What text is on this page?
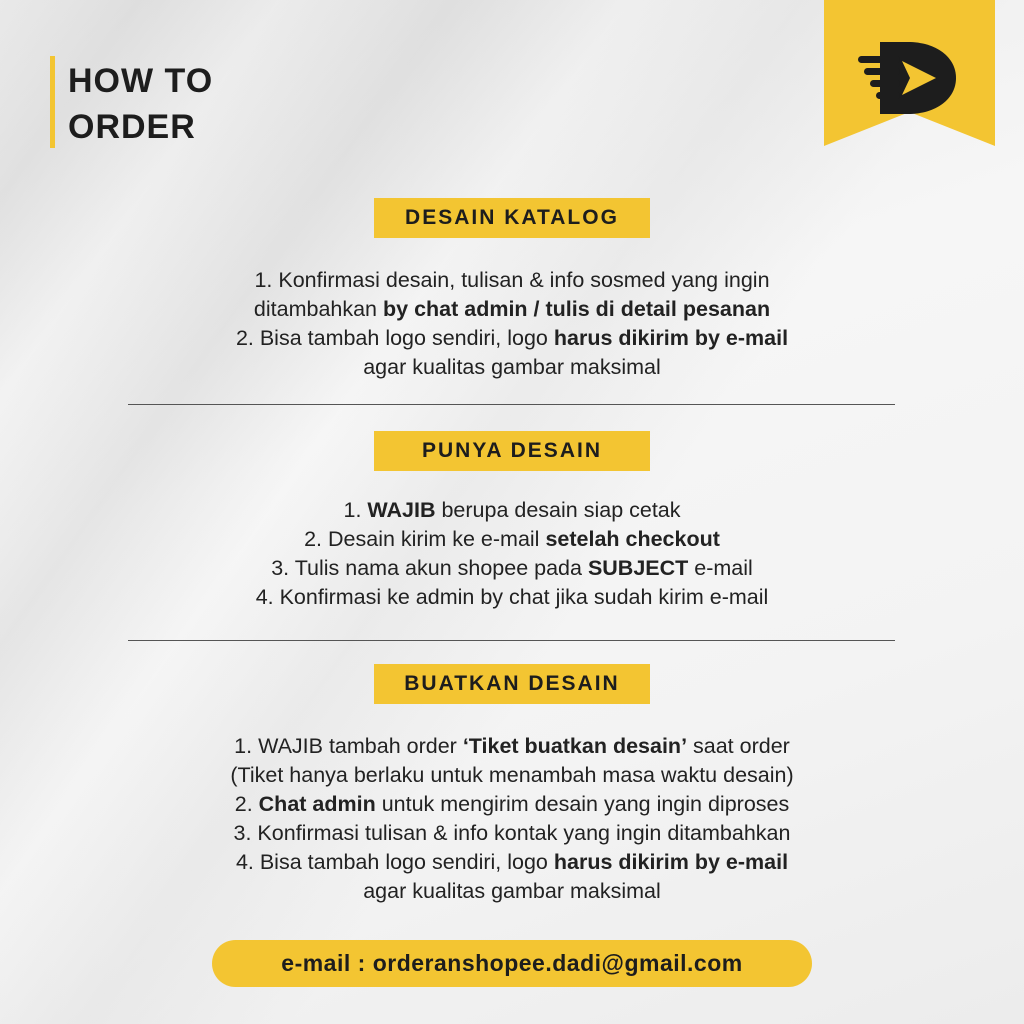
HOW TO
ORDER
DESAIN KATALOG
1. Konfirmasi desain, tulisan & info sosmed yang ingin
ditambahkan by chat admin / tulis di detail pesanan
2. Bisa tambah logo sendiri, logo harus dikirim by e-mail
agar kualitas gambar maksimal
PUNYA DESAIN
1. WAJIB berupa desain siap cetak
2. Desain kirim ke e-mail setelah checkout
3. Tulis nama akun shopee pada SUBJECT e-mail
4. Konfirmasi ke admin by chat jika sudah kirim e-mail
BUATKAN DESAIN
1. WAJIB tambah order ‘Tiket buatkan desain’ saat order
(Tiket hanya berlaku untuk menambah masa waktu desain)
2. Chat admin untuk mengirim desain yang ingin diproses
3. Konfirmasi tulisan & info kontak yang ingin ditambahkan
4. Bisa tambah logo sendiri, logo harus dikirim by e-mail
agar kualitas gambar maksimal
e-mail : orderanshopee.dadi@gmail.com
